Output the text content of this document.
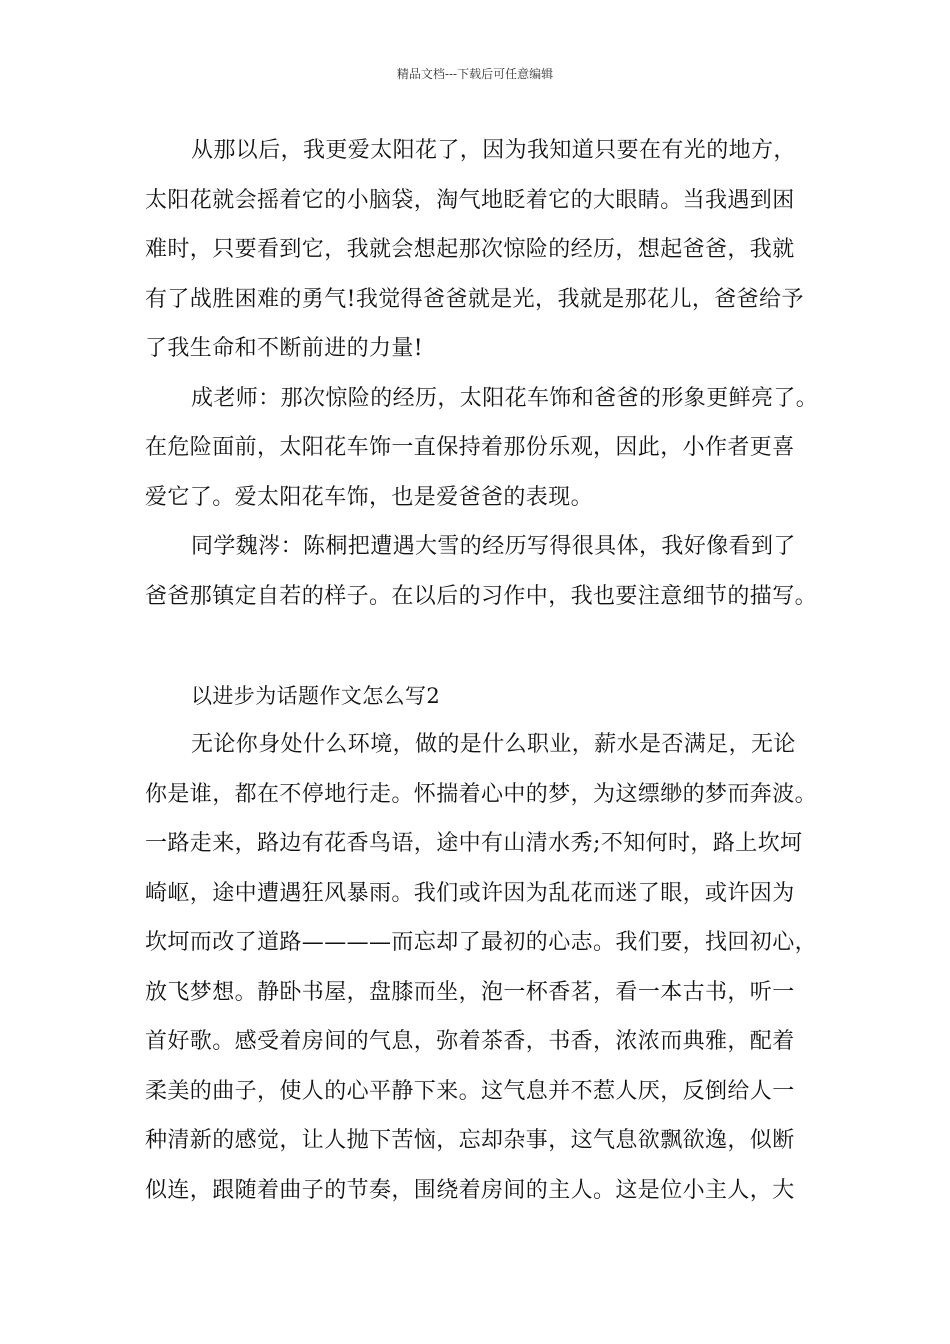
精品文档---下载后可任意编辑
从那以后，我更爱太阳花了，因为我知道只要在有光的地方，
太阳花就会摇着它的小脑袋，淘气地眨着它的大眼睛。当我遇到困
难时，只要看到它，我就会想起那次惊险的经历，想起爸爸，我就
有了战胜困难的勇气!我觉得爸爸就是光，我就是那花儿，爸爸给予
了我生命和不断前进的力量!
成老师：那次惊险的经历，太阳花车饰和爸爸的形象更鲜亮了。
在危险面前，太阳花车饰一直保持着那份乐观，因此，小作者更喜
爱它了。爱太阳花车饰，也是爱爸爸的表现。
同学魏涔：陈桐把遭遇大雪的经历写得很具体，我好像看到了
爸爸那镇定自若的样子。在以后的习作中，我也要注意细节的描写。
以进步为话题作文怎么写2
无论你身处什么环境，做的是什么职业，薪水是否满足，无论
你是谁，都在不停地行走。怀揣着心中的梦，为这缥缈的梦而奔波。
一路走来，路边有花香鸟语，途中有山清水秀;不知何时，路上坎坷
崎岖，途中遭遇狂风暴雨。我们或许因为乱花而迷了眼，或许因为
坎坷而改了道路————而忘却了最初的心志。我们要，找回初心，
放飞梦想。静卧书屋，盘膝而坐，泡一杯香茗，看一本古书，听一
首好歌。感受着房间的气息，弥着茶香，书香，浓浓而典雅，配着
柔美的曲子，使人的心平静下来。这气息并不惹人厌，反倒给人一
种清新的感觉，让人抛下苦恼，忘却杂事，这气息欲飘欲逸，似断
似连，跟随着曲子的节奏，围绕着房间的主人。这是位小主人，大
